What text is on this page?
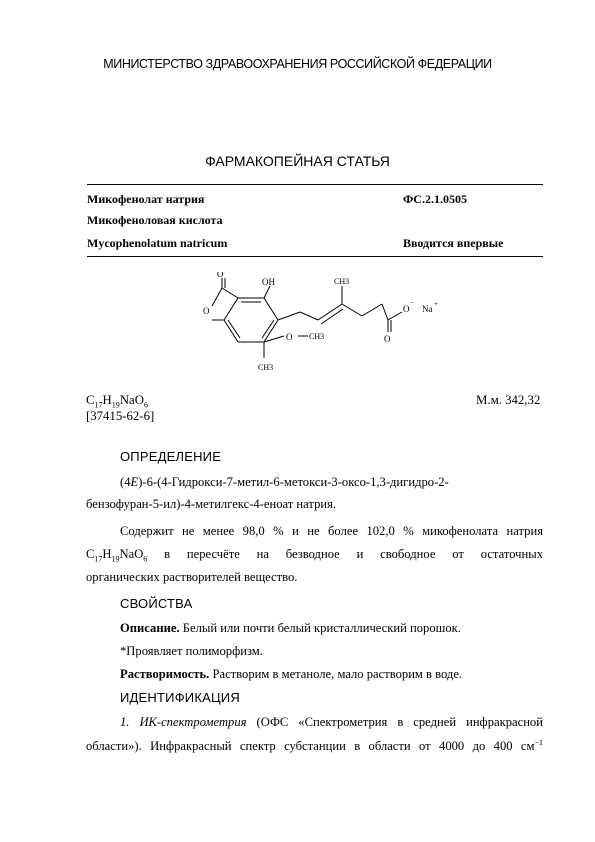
МИНИСТЕРСТВО ЗДРАВООХРАНЕНИЯ РОССИЙСКОЙ ФЕДЕРАЦИИ
ФАРМАКОПЕЙНАЯ СТАТЬЯ
Микофенолат натрия	ФС.2.1.0505
Микофеноловая кислота
Mycophenolatum natricum	Вводится впервые
OH	CH3
O
O
O CH3
CH3
O
−
O
Na +
$C_{17}H_{19}NaO_6$	М.м. 342,32
[37415-62-6]
ОПРЕДЕЛЕНИЕ
(4E)-6-(4-Гидрокси-7-метил-6-метокси-3-оксо-1,3-дигидро-2-
бензофуран-5-ил)-4-метилгекс-4-еноат натрия.
Содержит не менее 98,0 % и не более 102,0 % микофенолата натрия
$C_{17}H_{19}NaO_6$ в пересчёте на безводное и свободное от остаточных
органических растворителей вещество.
СВОЙСТВА
Описание. Белый или почти белый кристаллический порошок.
*Проявляет полиморфизм.
Растворимость. Растворим в метаноле, мало растворим в воде.
ИДЕНТИФИКАЦИЯ
1. ИК-спектрометрия (ОФС «Спектрометрия в средней инфракрасной
области»). Инфракрасный спектр субстанции в области от 4000 до 400 $см^{-1}$
